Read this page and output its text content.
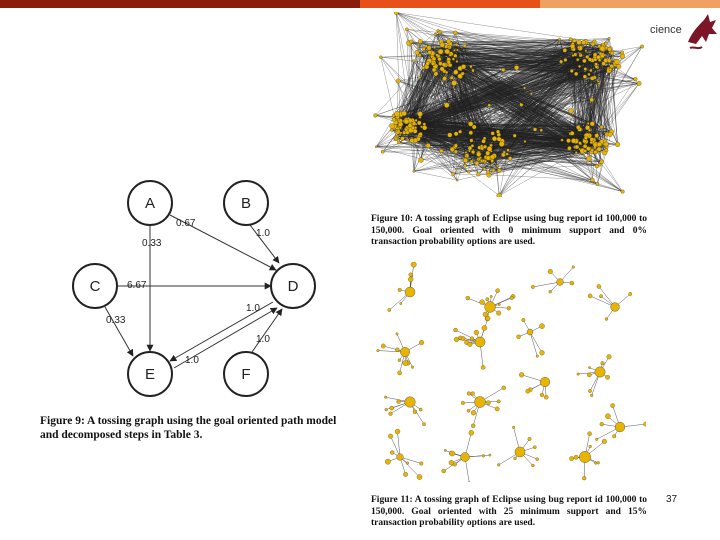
cience
A	B
C	D
E	F
0.33
0.67
1.0
6.67
0.33
1.0
1.0
1.0
Figure 9: A tossing graph using the goal oriented path model and decomposed steps in Table 3.
Figure 10: A tossing graph of Eclipse using bug report id 100,000 to 150,000. Goal oriented with 0 minimum support and 0% transaction probability options are used.
Figure 11: A tossing graph of Eclipse using bug report id 100,000 to 150,000. Goal oriented with 25 minimum support and 15% transaction probability options are used.
37
